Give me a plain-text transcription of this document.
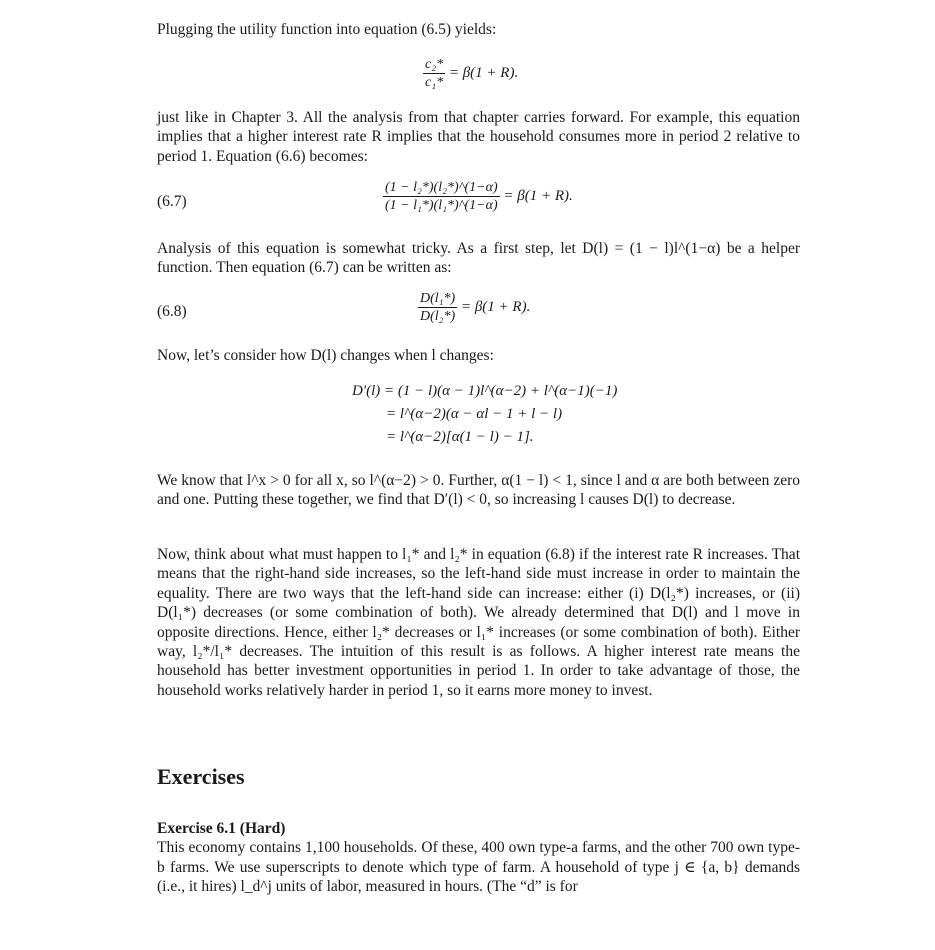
Plugging the utility function into equation (6.5) yields:

$\frac{\text{c₂*}}{\text{c₁*}} = \beta(1 + R)$.

just like in Chapter 3. All the analysis from that chapter carries forward. For example, this equation implies that a higher interest rate R implies that the household consumes more in period 2 relative to period 1. Equation (6.6) becomes:

(6.7)	$\frac{\text{(1 − l₂*)(l₂*)\textasciicircum{}(1−α)}}{\text{(1 − l₁*)(l₁*)\textasciicircum{}(1−α)}} = \beta(1 + R)$.

Analysis of this equation is somewhat tricky. As a first step, let D(l) = (1 − l)l^(1−α) be a helper function. Then equation (6.7) can be written as:

(6.8)	$\frac{\text{D(l₁*)}}{\text{D(l₂*)}} = \beta(1 + R)$.

Now, let’s consider how D(l) changes when l changes:

D′(l) = (1 − l)(α − 1)l^(α−2) + l^(α−1)(−1)
= l^(α−2)(α − αl − 1 + l − l)
= l^(α−2)[α(1 − l) − 1].

We know that l^x > 0 for all x, so l^(α−2) > 0. Further, α(1 − l) < 1, since l and α are both between zero and one. Putting these together, we find that D′(l) < 0, so increasing l causes D(l) to decrease.

Now, think about what must happen to l₁* and l₂* in equation (6.8) if the interest rate R increases. That means that the right-hand side increases, so the left-hand side must increase in order to maintain the equality. There are two ways that the left-hand side can increase: either (i) D(l₂*) increases, or (ii) D(l₁*) decreases (or some combination of both). We already determined that D(l) and l move in opposite directions. Hence, either l₂* decreases or l₁* increases (or some combination of both). Either way, l₂*/l₁* decreases. The intuition of this result is as follows. A higher interest rate means the household has better investment opportunities in period 1. In order to take advantage of those, the household works relatively harder in period 1, so it earns more money to invest.

Exercises
Exercise 6.1 (Hard)

This economy contains 1,100 households. Of these, 400 own type-a farms, and the other 700 own type-b farms. We use superscripts to denote which type of farm. A household of type j ∈ {a, b} demands (i.e., it hires) l_d^j units of labor, measured in hours. (The “d” is for
